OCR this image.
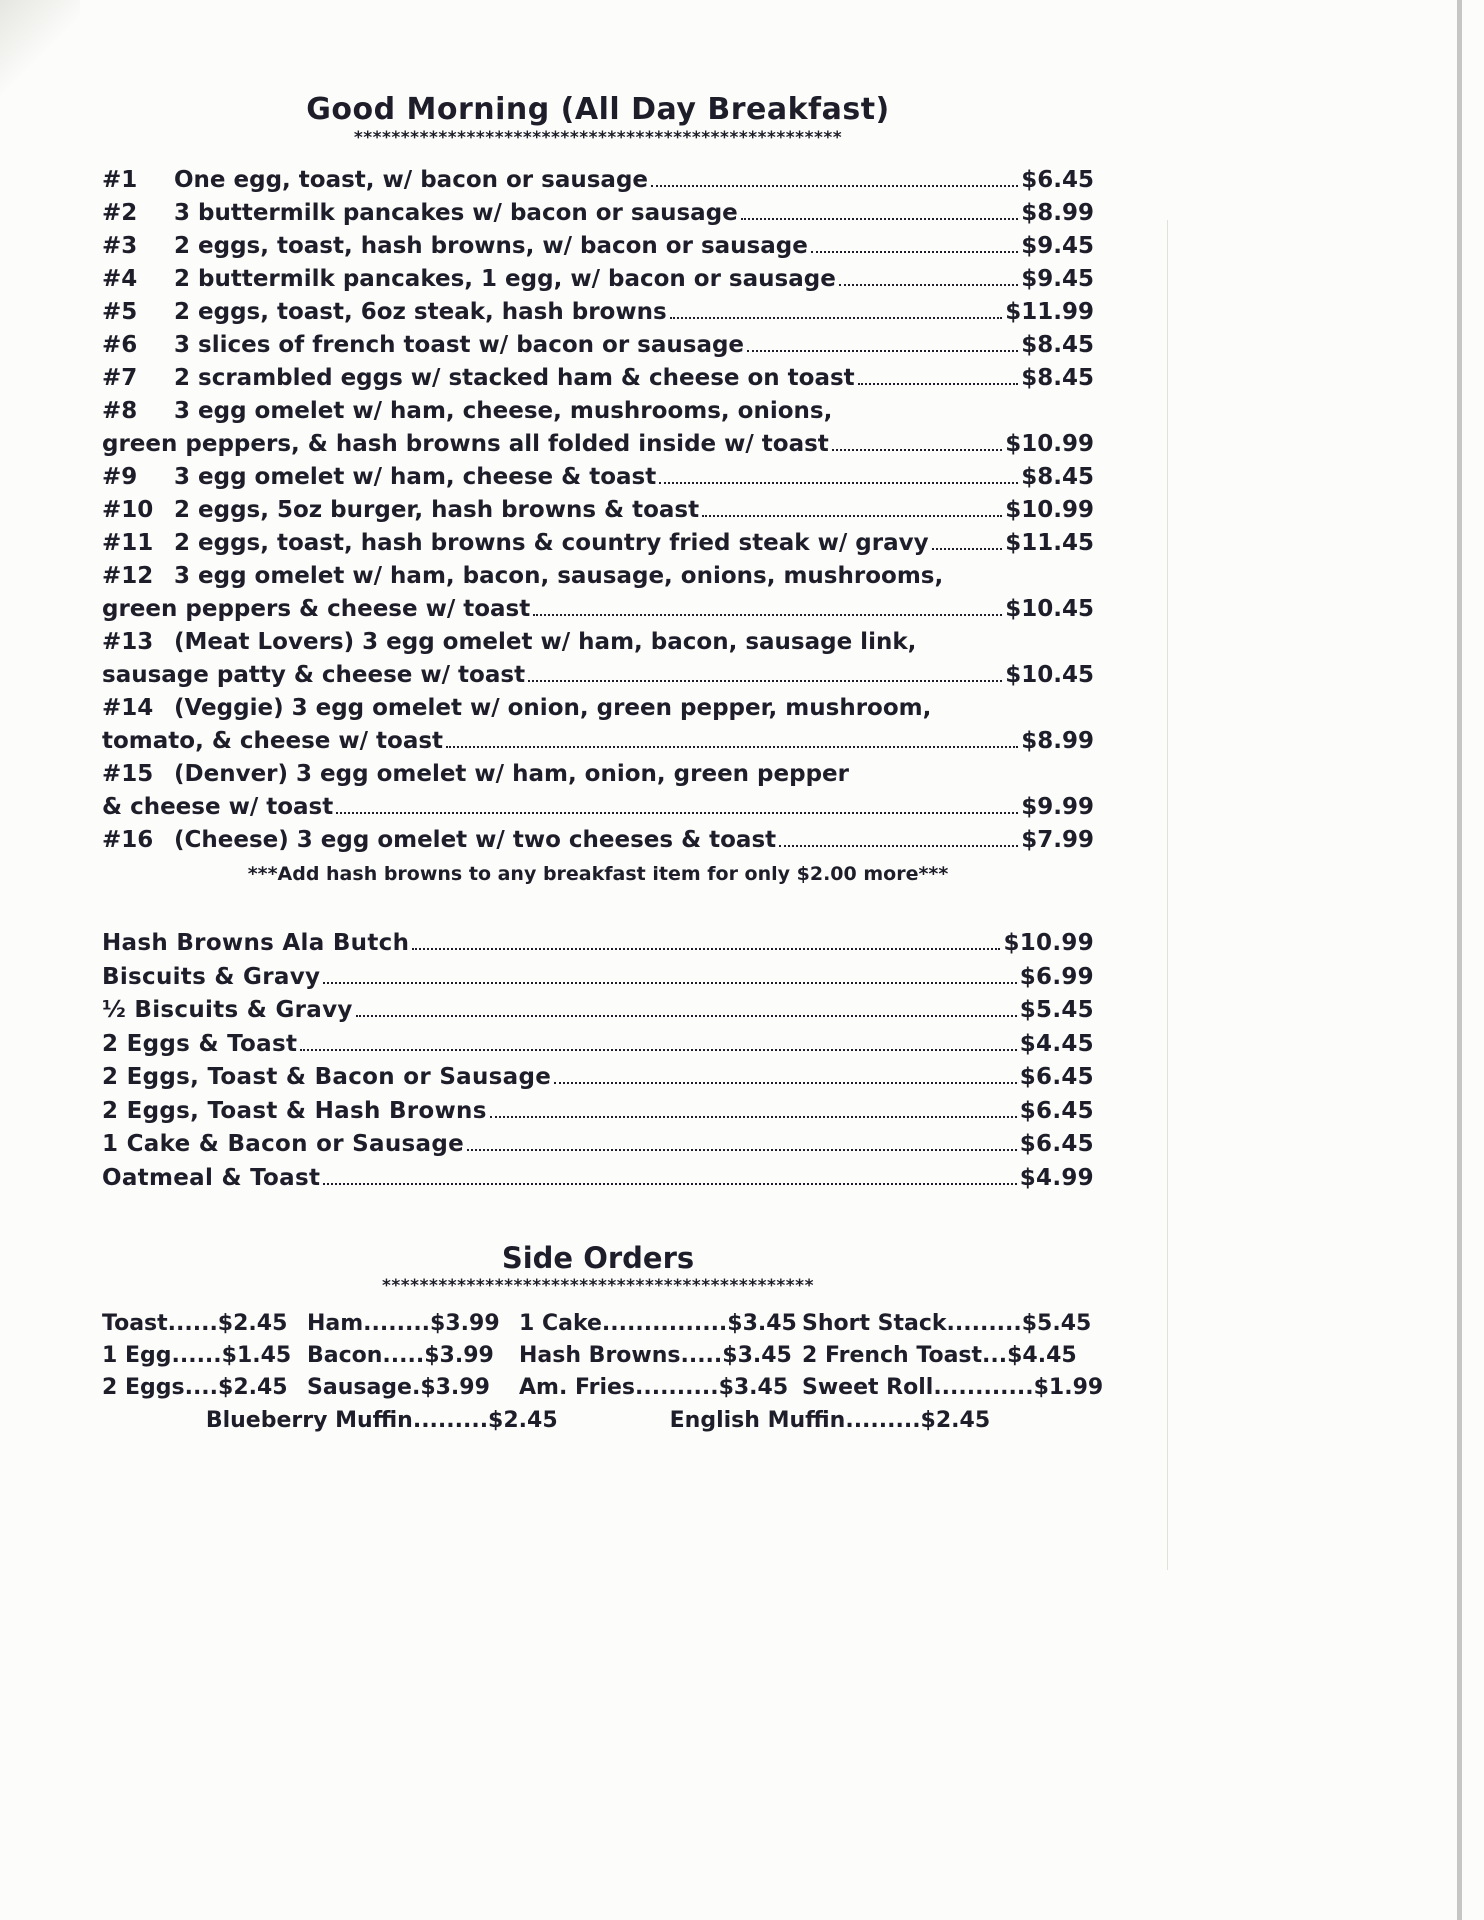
Good Morning (All Day Breakfast)
****************************************************
#1	One egg, toast, w/ bacon or sausage	$6.45
#2	3 buttermilk pancakes w/ bacon or sausage	$8.99
#3	2 eggs, toast, hash browns, w/ bacon or sausage	$9.45
#4	2 buttermilk pancakes, 1 egg, w/ bacon or sausage	$9.45
#5	2 eggs, toast, 6oz steak, hash browns	$11.99
#6	3 slices of french toast w/ bacon or sausage	$8.45
#7	2 scrambled eggs w/ stacked ham & cheese on toast	$8.45
#8	3 egg omelet w/ ham, cheese, mushrooms, onions,
green peppers, & hash browns all folded inside w/ toast	$10.99
#9	3 egg omelet w/ ham, cheese & toast	$8.45
#10 2 eggs, 5oz burger, hash browns & toast	$10.99
#11 2 eggs, toast, hash browns & country fried steak w/ gravy	$11.45
#12 3 egg omelet w/ ham, bacon, sausage, onions, mushrooms,
green peppers & cheese w/ toast	$10.45
#13 (Meat Lovers) 3 egg omelet w/ ham, bacon, sausage link,
sausage patty & cheese w/ toast	$10.45
#14 (Veggie) 3 egg omelet w/ onion, green pepper, mushroom,
tomato, & cheese w/ toast	$8.99
#15 (Denver) 3 egg omelet w/ ham, onion, green pepper
& cheese w/ toast	$9.99
#16 (Cheese) 3 egg omelet w/ two cheeses & toast	$7.99
***Add hash browns to any breakfast item for only $2.00 more***
Hash Browns Ala Butch	$10.99
Biscuits & Gravy	$6.99
½ Biscuits & Gravy	$5.45
2 Eggs & Toast	$4.45
2 Eggs, Toast & Bacon or Sausage	$6.45
2 Eggs, Toast & Hash Browns	$6.45
1 Cake & Bacon or Sausage	$6.45
Oatmeal & Toast	$4.99
Side Orders
**********************************************
Toast......$2.45 Ham........$3.99 1 Cake...............$3.45 Short Stack.........$5.45
1 Egg......$1.45 Bacon.....$3.99	Hash Browns.....$3.45 2 French Toast...$4.45
2 Eggs....$2.45 Sausage.$3.99	Am. Fries..........$3.45 Sweet Roll............$1.99
Blueberry Muffin.........$2.45	English Muffin.........$2.45
